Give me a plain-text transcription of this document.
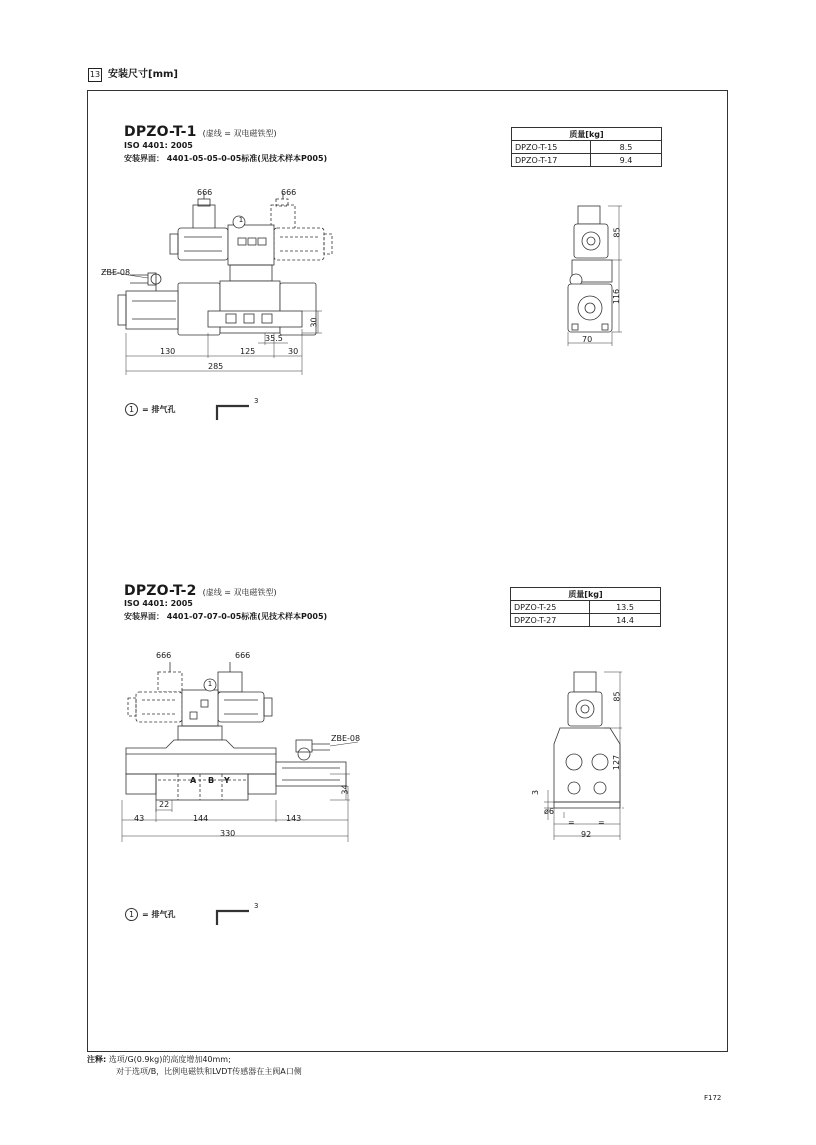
13 安装尺寸[mm]
DPZO-T-1 (虚线 = 双电磁铁型)
ISO 4401: 2005
安装界面： 4401-05-05-0-05标准(见技术样本P005)
质量[kg]	
DPZO-T-15	8.5
DPZO-T-17	9.4
666	666
1
ZBE-08
130	125	30
285
35.5
30
85
116
70
1 = 排气孔
3
DPZO-T-2 (虚线 = 双电磁铁型)
ISO 4401: 2005
安装界面： 4401-07-07-0-05标准(见技术样本P005)
质量[kg]	
DPZO-T-25	13.5
DPZO-T-27	14.4
666	666
1
ZBE-08
A B Y
22
43	144	143
330
34
85
127
3
ø6
=	=
92
1 = 排气孔
3
注释: 选项/G(0.9kg)的高度增加40mm;
对于选项/B，比例电磁铁和LVDT传感器在主阀A口侧
F172
